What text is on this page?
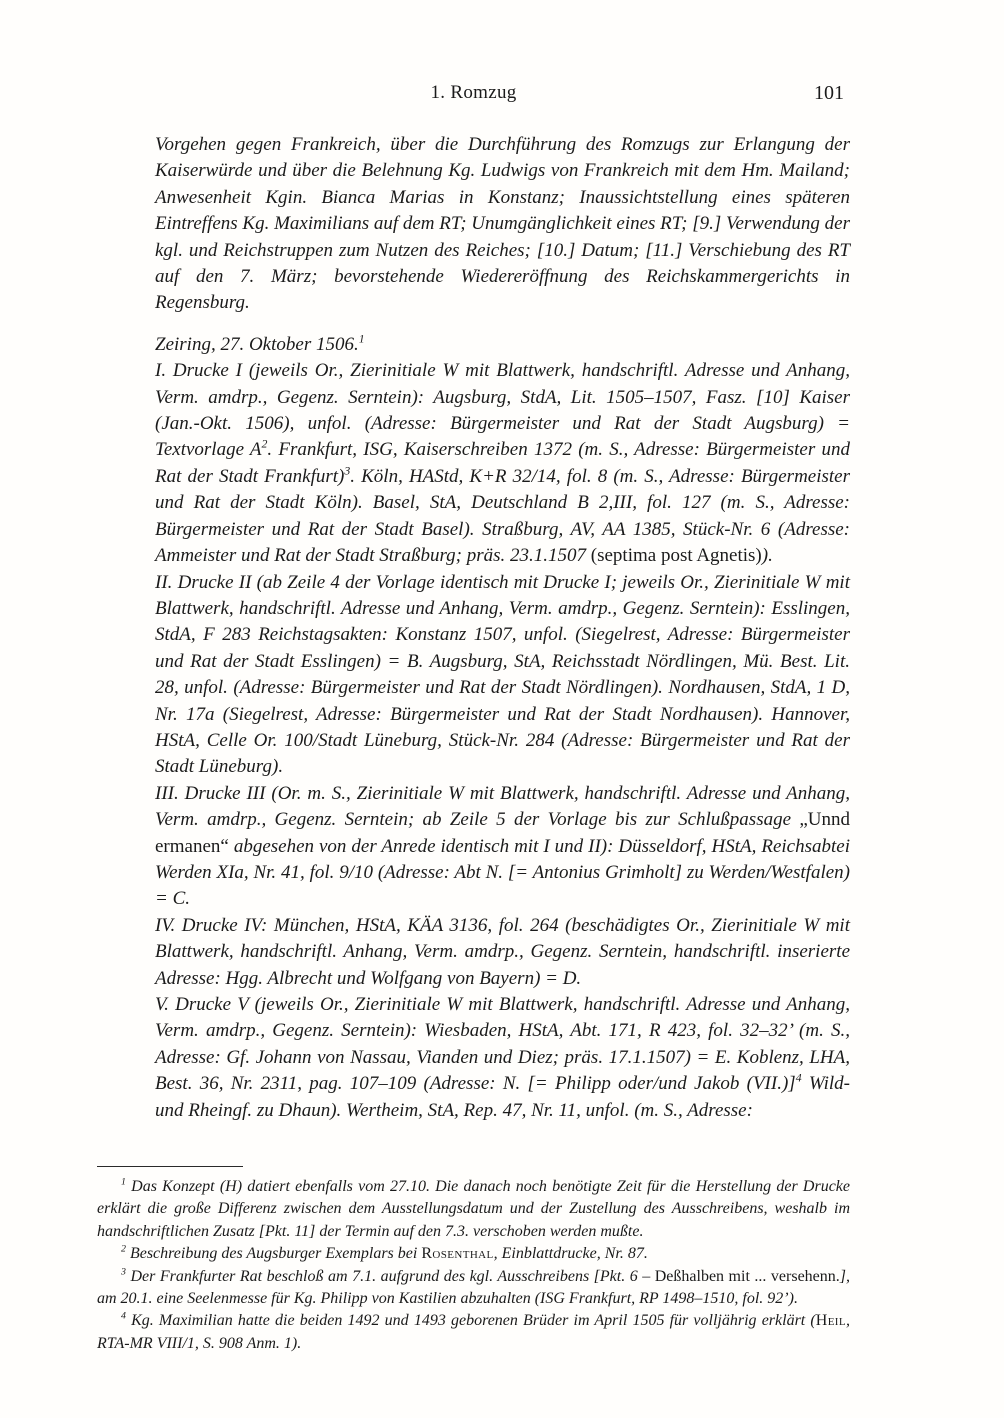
1. Romzug	101

Vorgehen gegen Frankreich, über die Durchführung des Romzugs zur Erlangung der Kaiserwürde und über die Belehnung Kg. Ludwigs von Frankreich mit dem Hm. Mailand; Anwesenheit Kgin. Bianca Marias in Konstanz; Inaussichtstellung eines späteren Eintreffens Kg. Maximilians auf dem RT; Unumgänglichkeit eines RT; [9.] Verwendung der kgl. und Reichstruppen zum Nutzen des Reiches; [10.] Datum; [11.] Verschiebung des RT auf den 7. März; bevorstehende Wiedereröffnung des Reichskammergerichts in Regensburg.

Zeiring, 27. Oktober 1506.$^1$

I. Drucke I (jeweils Or., Zierinitiale W mit Blattwerk, handschriftl. Adresse und Anhang, Verm. amdrp., Gegenz. Serntein): Augsburg, StdA, Lit. 1505–1507, Fasz. [10] Kaiser (Jan.-Okt. 1506), unfol. (Adresse: Bürgermeister und Rat der Stadt Augsburg) = Textvorlage $A^2$. Frankfurt, ISG, Kaiserschreiben 1372 (m. S., Adresse: Bürgermeister und Rat der Stadt Frankfurt)$^3$. Köln, HAStd, K+R 32/14, fol. 8 (m. S., Adresse: Bürgermeister und Rat der Stadt Köln). Basel, StA, Deutschland B 2,III, fol. 127 (m. S., Adresse: Bürgermeister und Rat der Stadt Basel). Straßburg, AV, AA 1385, Stück-Nr. 6 (Adresse: Ammeister und Rat der Stadt Straßburg; präs. 23.1.1507 (septima post Agnetis)).

II. Drucke II (ab Zeile 4 der Vorlage identisch mit Drucke I; jeweils Or., Zierinitiale W mit Blattwerk, handschriftl. Adresse und Anhang, Verm. amdrp., Gegenz. Serntein): Esslingen, StdA, F 283 Reichstagsakten: Konstanz 1507, unfol. (Siegelrest, Adresse: Bürgermeister und Rat der Stadt Esslingen) = B. Augsburg, StA, Reichsstadt Nördlingen, Mü. Best. Lit. 28, unfol. (Adresse: Bürgermeister und Rat der Stadt Nördlingen). Nordhausen, StdA, 1 D, Nr. 17a (Siegelrest, Adresse: Bürgermeister und Rat der Stadt Nordhausen). Hannover, HStA, Celle Or. 100/Stadt Lüneburg, Stück-Nr. 284 (Adresse: Bürgermeister und Rat der Stadt Lüneburg).

III. Drucke III (Or. m. S., Zierinitiale W mit Blattwerk, handschriftl. Adresse und Anhang, Verm. amdrp., Gegenz. Serntein; ab Zeile 5 der Vorlage bis zur Schlußpassage „Unnd ermanen“ abgesehen von der Anrede identisch mit I und II): Düsseldorf, HStA, Reichsabtei Werden XIa, Nr. 41, fol. 9/10 (Adresse: Abt N. [= Antonius Grimholt] zu Werden/Westfalen) = C.

IV. Drucke IV: München, HStA, KÄA 3136, fol. 264 (beschädigtes Or., Zierinitiale W mit Blattwerk, handschriftl. Anhang, Verm. amdrp., Gegenz. Serntein, handschriftl. inserierte Adresse: Hgg. Albrecht und Wolfgang von Bayern) = D.

V. Drucke V (jeweils Or., Zierinitiale W mit Blattwerk, handschriftl. Adresse und Anhang, Verm. amdrp., Gegenz. Serntein): Wiesbaden, HStA, Abt. 171, R 423, fol. 32–32’ (m. S., Adresse: Gf. Johann von Nassau, Vianden und Diez; präs. 17.1.1507) = E. Koblenz, LHA, Best. 36, Nr. 2311, pag. 107–109 (Adresse: N. [= Philipp oder/und Jakob (VII.)]$^4$ Wild- und Rheingf. zu Dhaun). Wertheim, StA, Rep. 47, Nr. 11, unfol. (m. S., Adresse:

$^1$ Das Konzept (H) datiert ebenfalls vom 27.10. Die danach noch benötigte Zeit für die Herstellung der Drucke erklärt die große Differenz zwischen dem Ausstellungsdatum und der Zustellung des Ausschreibens, weshalb im handschriftlichen Zusatz [Pkt. 11] der Termin auf den 7.3. verschoben werden mußte.

$^2$ Beschreibung des Augsburger Exemplars bei Rosenthal, Einblattdrucke, Nr. 87.

$^3$ Der Frankfurter Rat beschloß am 7.1. aufgrund des kgl. Ausschreibens [Pkt. 6 – Deßhalben mit ... versehenn.], am 20.1. eine Seelenmesse für Kg. Philipp von Kastilien abzuhalten (ISG Frankfurt, RP 1498–1510, fol. 92’).

$^4$ Kg. Maximilian hatte die beiden 1492 und 1493 geborenen Brüder im April 1505 für volljährig erklärt (Heil, RTA-MR VIII/1, S. 908 Anm. 1).
